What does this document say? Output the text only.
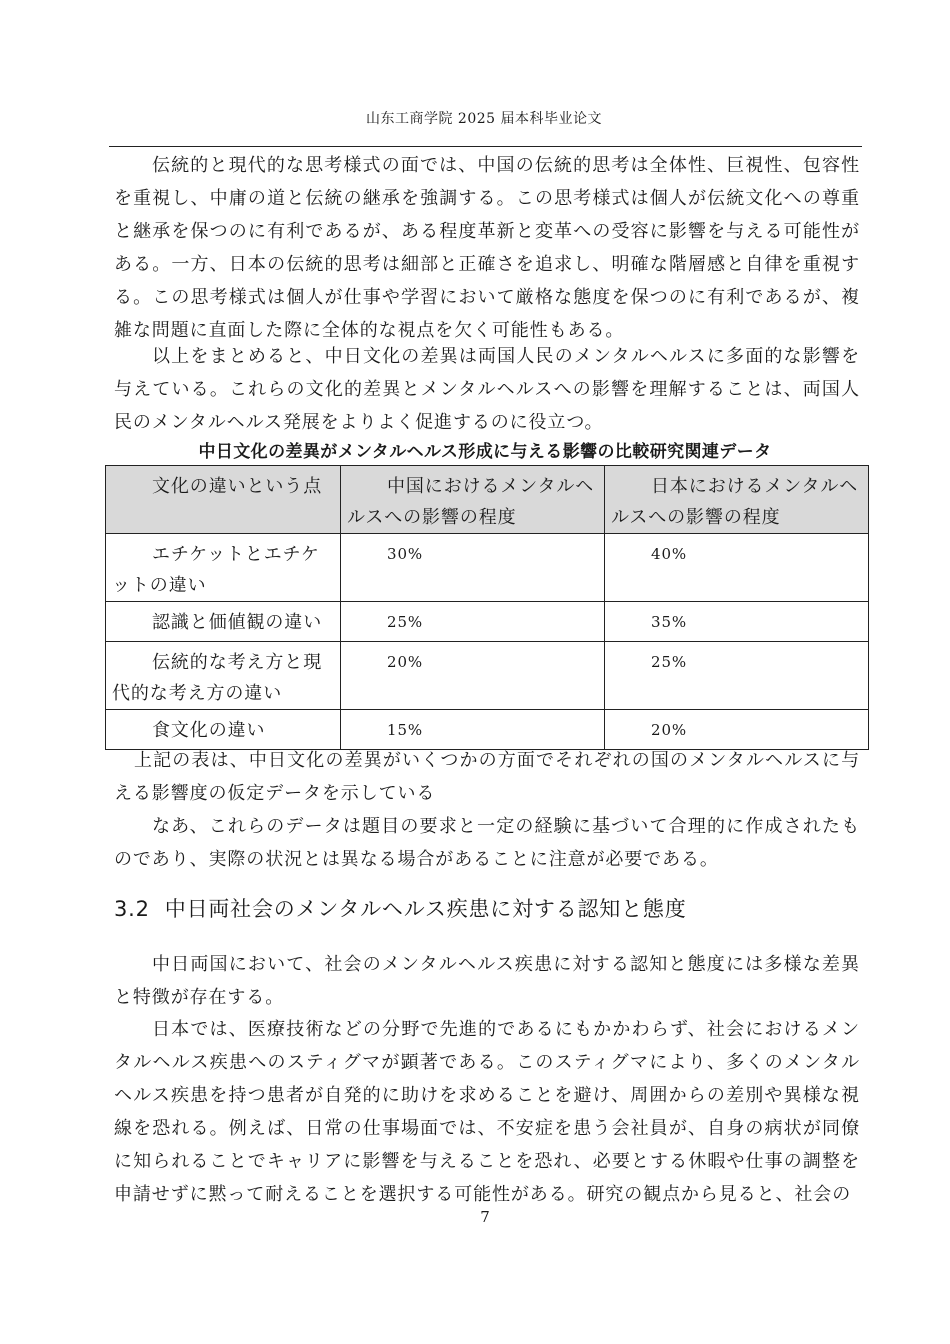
山东工商学院 2025 届本科毕业论文

伝統的と現代的な思考様式の面では、中国の伝統的思考は全体性、巨視性、包容性を重視し、中庸の道と伝統の継承を強調する。この思考様式は個人が伝統文化への尊重と継承を保つのに有利であるが、ある程度革新と変革への受容に影響を与える可能性がある。一方、日本の伝統的思考は細部と正確さを追求し、明確な階層感と自律を重視する。この思考様式は個人が仕事や学習において厳格な態度を保つのに有利であるが、複雑な問題に直面した際に全体的な視点を欠く可能性もある。

以上をまとめると、中日文化の差異は両国人民のメンタルヘルスに多面的な影響を与えている。これらの文化的差異とメンタルヘルスへの影響を理解することは、両国人民のメンタルヘルス発展をよりよく促進するのに役立つ。

中日文化の差異がメンタルヘルス形成に与える影響の比較研究関連データ
文化の違いという点	中国におけるメンタルヘルスへの影響の程度	日本におけるメンタルヘルスへの影響の程度
エチケットとエチケットの違い	30%	40%
認識と価値観の違い	25%	35%
伝統的な考え方と現代的な考え方の違い	20%	25%
食文化の違い	15%	20%

上記の表は、中日文化の差異がいくつかの方面でそれぞれの国のメンタルヘルスに与える影響度の仮定データを示している

なあ、これらのデータは題目の要求と一定の経験に基づいて合理的に作成されたものであり、実際の状況とは異なる場合があることに注意が必要である。

3.2 中日両社会のメンタルヘルス疾患に対する認知と態度

中日両国において、社会のメンタルヘルス疾患に対する認知と態度には多様な差異と特徴が存在する。

日本では、医療技術などの分野で先進的であるにもかかわらず、社会におけるメンタルヘルス疾患へのスティグマが顕著である。このスティグマにより、多くのメンタルヘルス疾患を持つ患者が自発的に助けを求めることを避け、周囲からの差別や異様な視線を恐れる。例えば、日常の仕事場面では、不安症を患う会社員が、自身の病状が同僚に知られることでキャリアに影響を与えることを恐れ、必要とする休暇や仕事の調整を申請せずに黙って耐えることを選択する可能性がある。研究の観点から見ると、社会の

7
